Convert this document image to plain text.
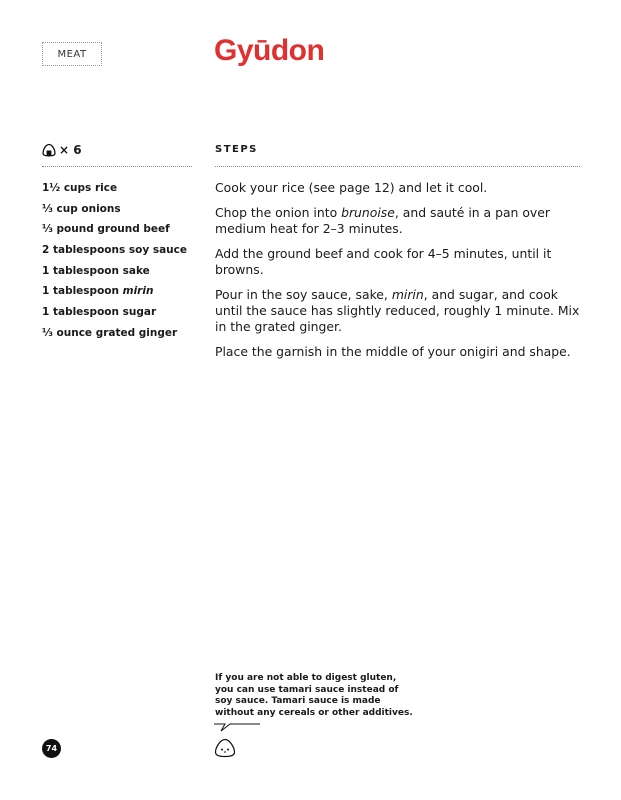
MEAT	Gyūdon
× 6	STEPS
1½ cups rice
⅓ cup onions
⅓ pound ground beef
2 tablespoons soy sauce
1 tablespoon sake
1 tablespoon mirin
1 tablespoon sugar
⅓ ounce grated ginger

Cook your rice (see page 12) and let it cool.

Chop the onion into brunoise, and sauté in a pan over medium heat for 2–3 minutes.

Add the ground beef and cook for 4–5 minutes, until it browns.

Pour in the soy sauce, sake, mirin, and sugar, and cook until the sauce has slightly reduced, roughly 1 minute. Mix in the grated ginger.

Place the garnish in the middle of your onigiri and shape.

If you are not able to digest gluten, you can use tamari sauce instead of soy sauce. Tamari sauce is made without any cereals or other additives.
74
